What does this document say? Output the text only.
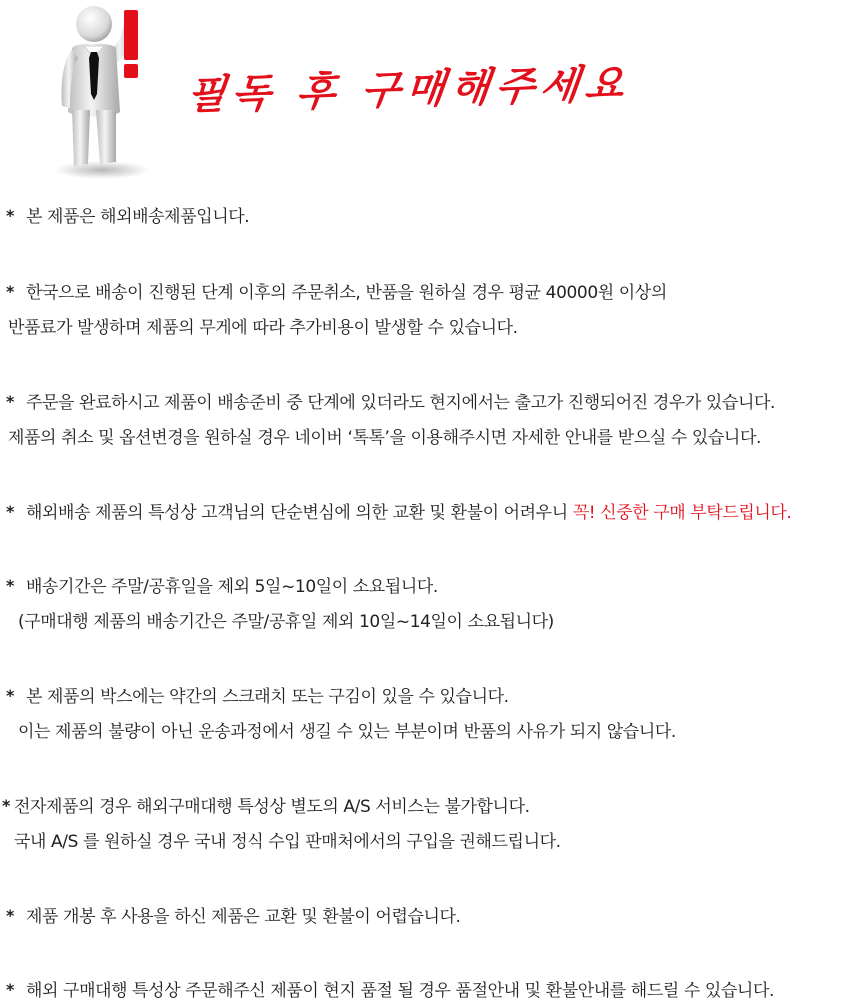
필독 후 구매해주세요
* 본 제품은 해외배송제품입니다.
* 한국으로 배송이 진행된 단계 이후의 주문취소, 반품을 원하실 경우 평균 40000원 이상의
반품료가 발생하며 제품의 무게에 따라 추가비용이 발생할 수 있습니다.
* 주문을 완료하시고 제품이 배송준비 중 단계에 있더라도 현지에서는 출고가 진행되어진 경우가 있습니다.
제품의 취소 및 옵션변경을 원하실 경우 네이버 ‘톡톡’을 이용해주시면 자세한 안내를 받으실 수 있습니다.
* 해외배송 제품의 특성상 고객님의 단순변심에 의한 교환 및 환불이 어려우니 꼭! 신중한 구매 부탁드립니다.
* 배송기간은 주말/공휴일을 제외 5일~10일이 소요됩니다.
(구매대행 제품의 배송기간은 주말/공휴일 제외 10일~14일이 소요됩니다)
* 본 제품의 박스에는 약간의 스크래치 또는 구김이 있을 수 있습니다.
이는 제품의 불량이 아닌 운송과정에서 생길 수 있는 부분이며 반품의 사유가 되지 않습니다.
* 전자제품의 경우 해외구매대행 특성상 별도의 A/S 서비스는 불가합니다.
국내 A/S 를 원하실 경우 국내 정식 수입 판매처에서의 구입을 권해드립니다.
* 제품 개봉 후 사용을 하신 제품은 교환 및 환불이 어렵습니다.
* 해외 구매대행 특성상 주문해주신 제품이 현지 품절 될 경우 품절안내 및 환불안내를 해드릴 수 있습니다.
